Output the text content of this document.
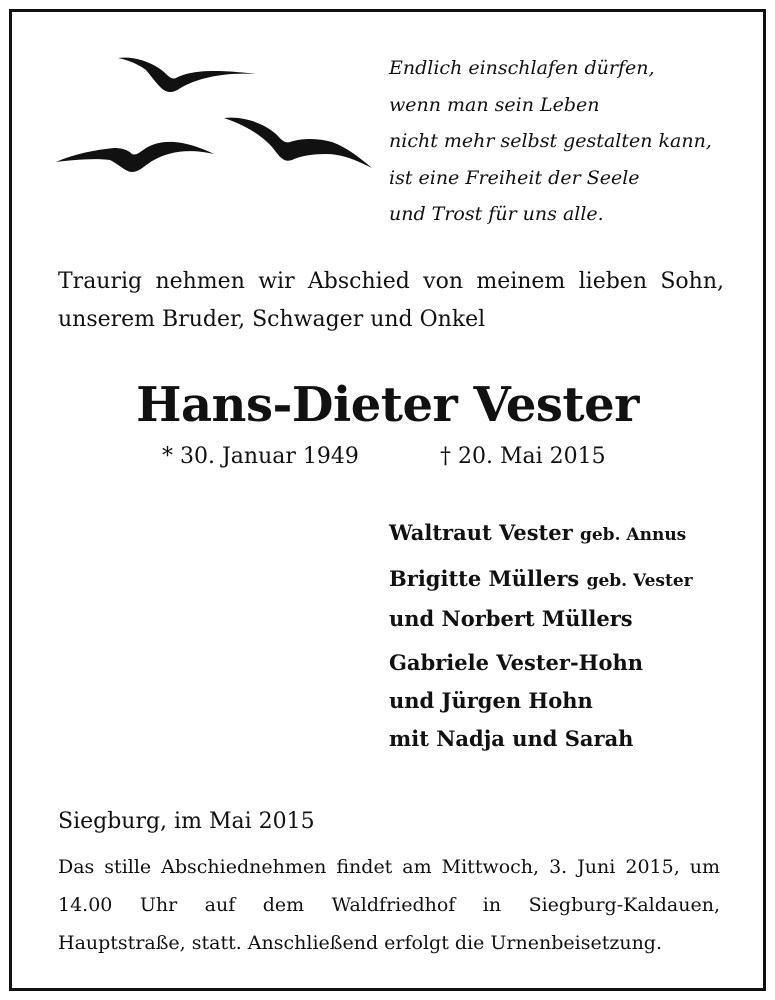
Endlich einschlafen dürfen,
wenn man sein Leben
nicht mehr selbst gestalten kann,
ist eine Freiheit der Seele
und Trost für uns alle.
Traurig nehmen wir Abschied von meinem lieben Sohn,
unserem Bruder, Schwager und Onkel
Hans-Dieter Vester
* 30. Januar 1949	† 20. Mai 2015
Waltraut Vester geb. Annus
Brigitte Müllers geb. Vester
und Norbert Müllers
Gabriele Vester-Hohn
und Jürgen Hohn
mit Nadja und Sarah
Siegburg, im Mai 2015
Das stille Abschiednehmen findet am Mittwoch, 3. Juni 2015, um 14.00 Uhr auf dem Waldfriedhof in Siegburg-Kaldauen, Hauptstraße, statt. Anschließend erfolgt die Urnenbeisetzung.
